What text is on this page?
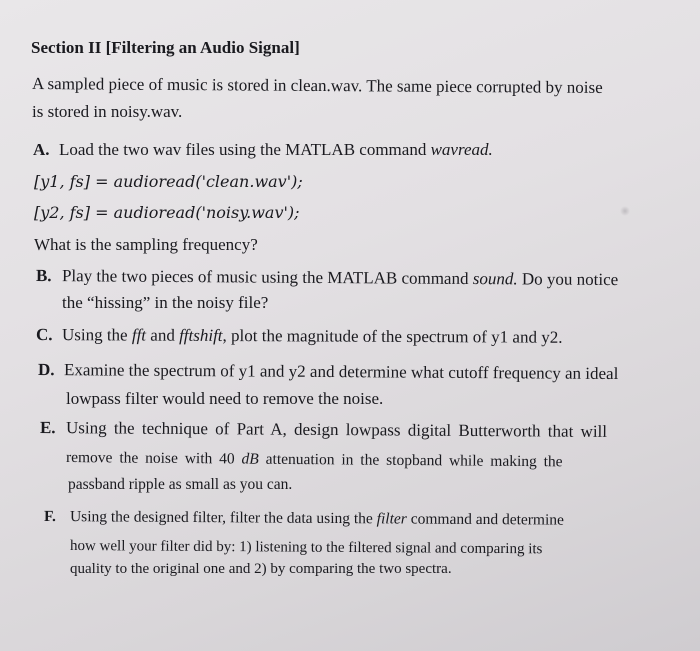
Section II [Filtering an Audio Signal]
A sampled piece of music is stored in clean.wav. The same piece corrupted by noise
is stored in noisy.wav.
A. Load the two wav files using the MATLAB command wavread.
[y1, fs] = audioread('clean.wav');
[y2, fs] = audioread('noisy.wav');
What is the sampling frequency?
B. Play the two pieces of music using the MATLAB command sound. Do you notice
the “hissing” in the noisy file?
C. Using the fft and fftshift, plot the magnitude of the spectrum of y1 and y2.
D. Examine the spectrum of y1 and y2 and determine what cutoff frequency an ideal
lowpass filter would need to remove the noise.
E. Using the technique of Part A, design lowpass digital Butterworth that will
remove the noise with 40 dB attenuation in the stopband while making the
passband ripple as small as you can.
F. Using the designed filter, filter the data using the filter command and determine
how well your filter did by: 1) listening to the filtered signal and comparing its
quality to the original one and 2) by comparing the two spectra.
